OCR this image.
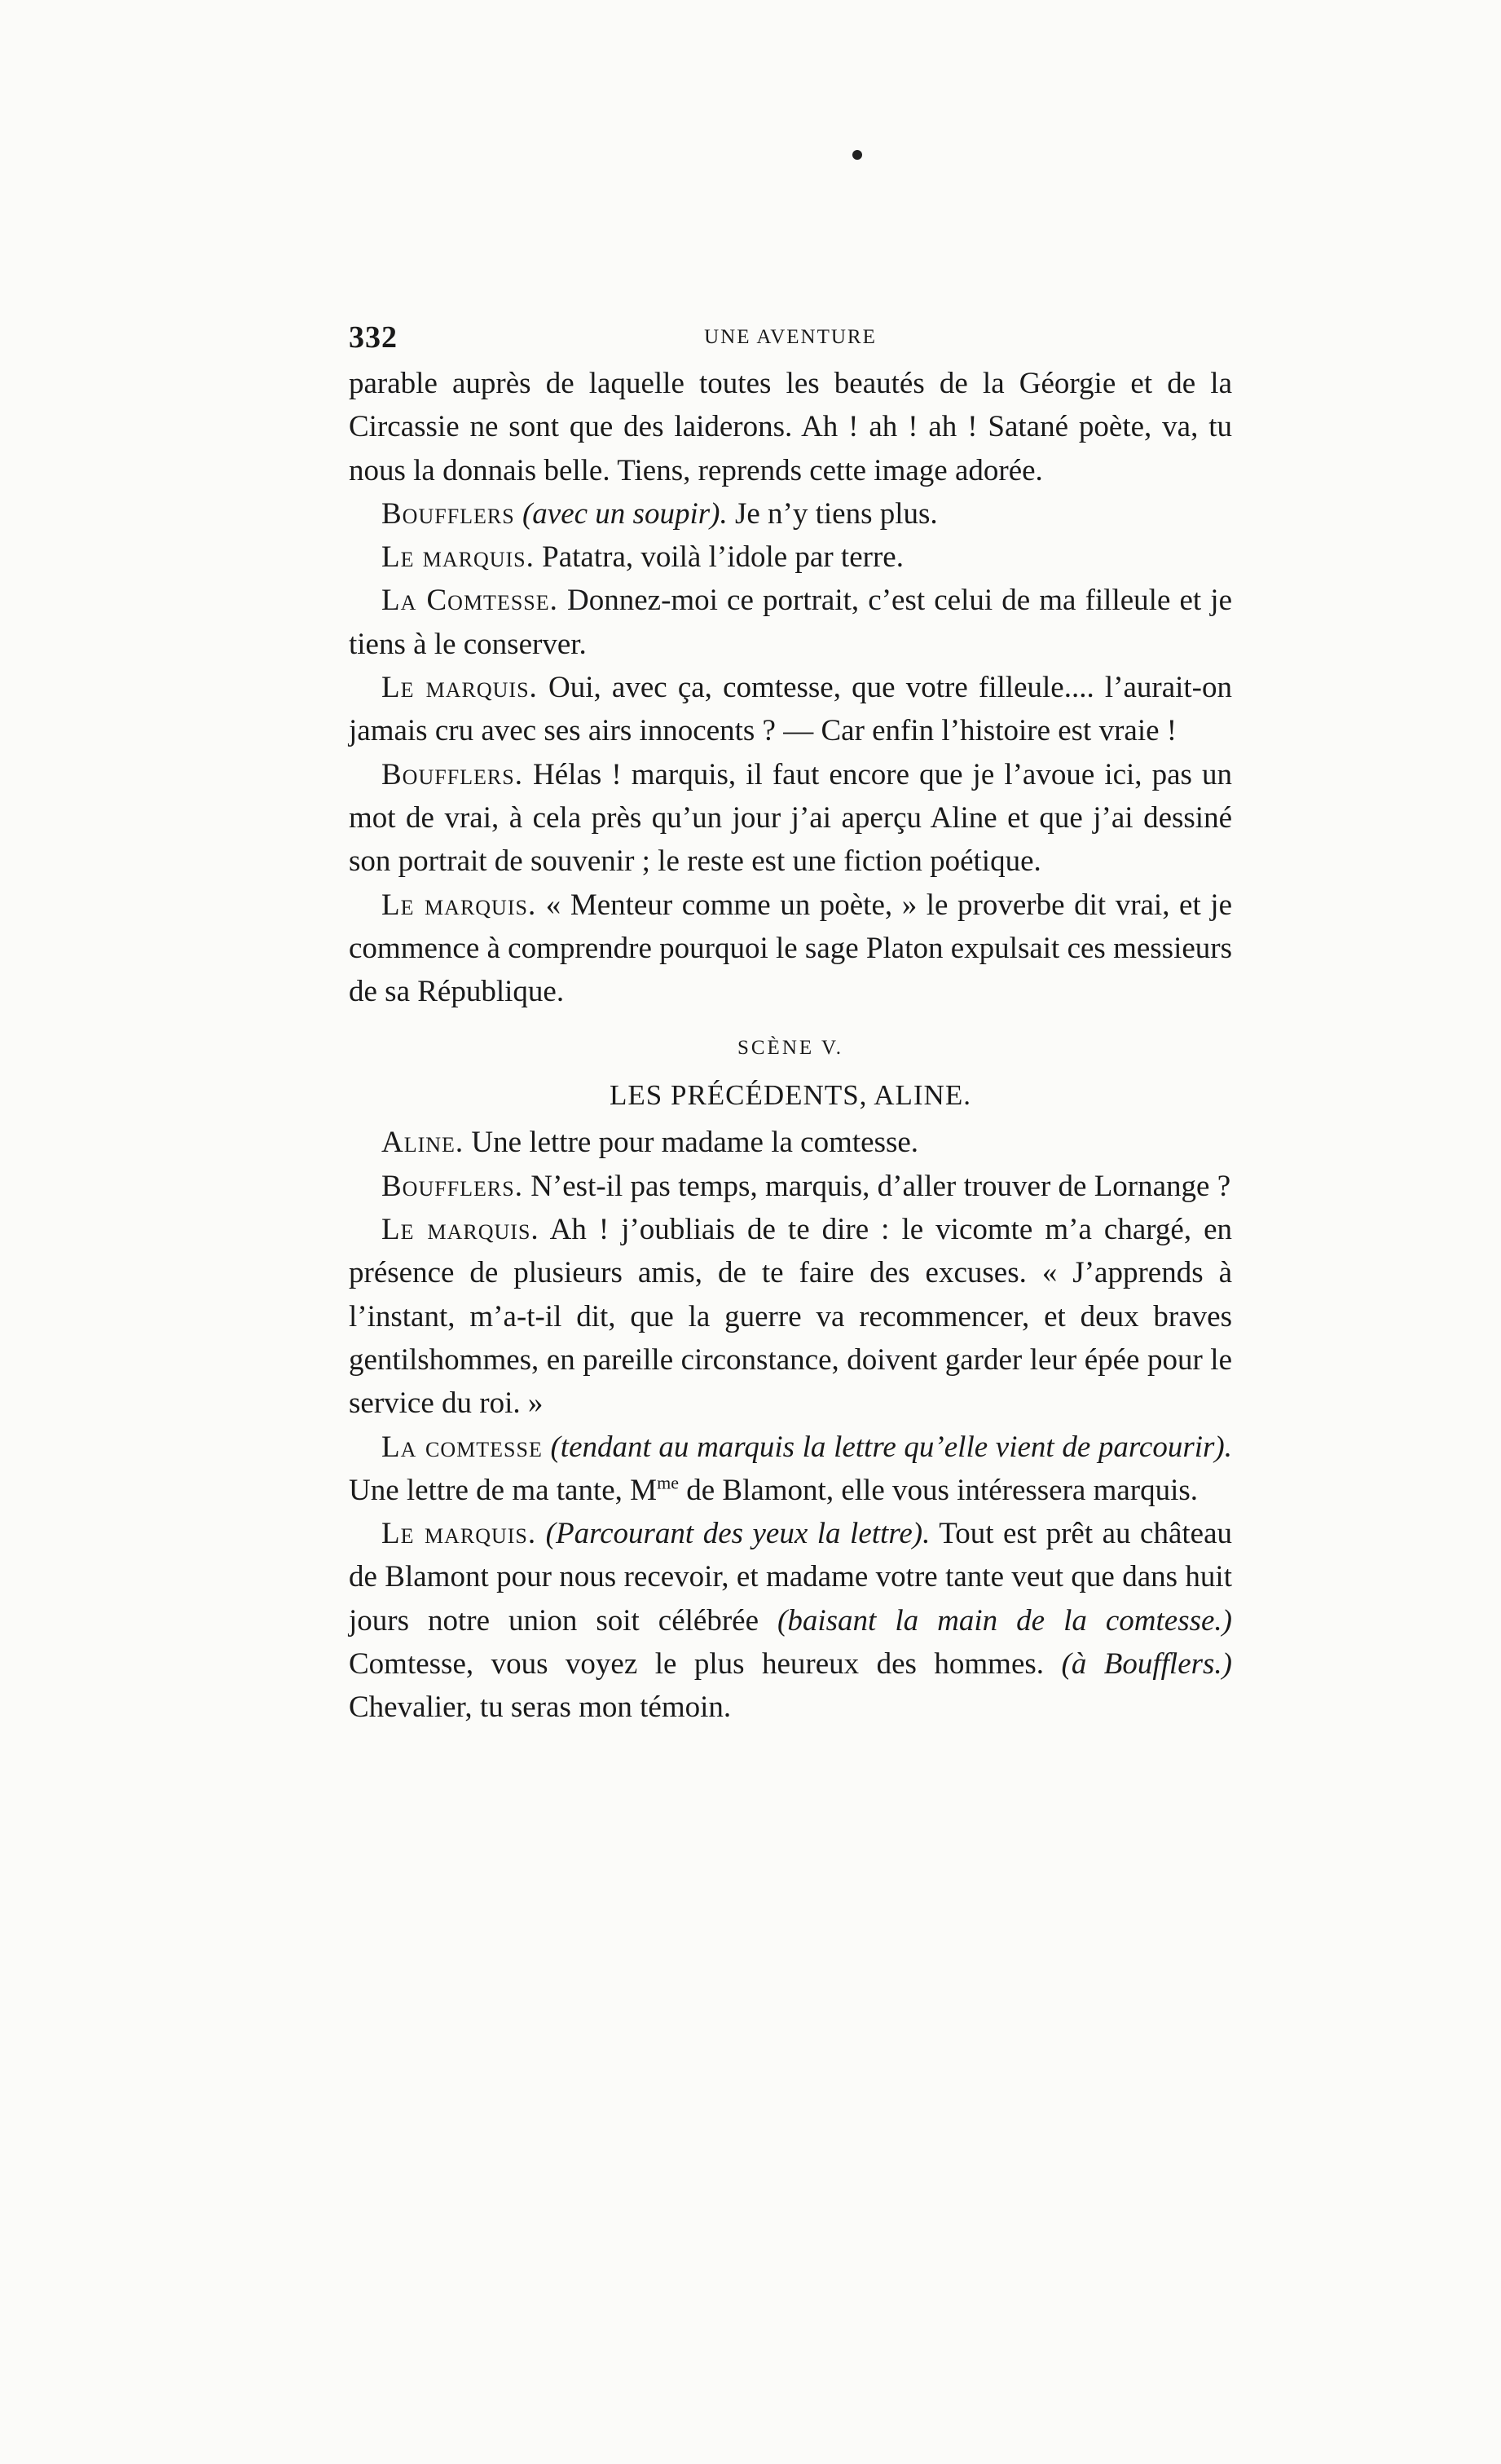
332	UNE AVENTURE

parable auprès de laquelle toutes les beautés de la Géorgie et de la Circassie ne sont que des laiderons. Ah ! ah ! ah ! Satané poète, va, tu nous la donnais belle. Tiens, reprends cette image adorée.

Boufflers (avec un soupir). Je n’y tiens plus.

Le marquis. Patatra, voilà l’idole par terre.

La Comtesse. Donnez-moi ce portrait, c’est celui de ma filleule et je tiens à le conserver.

Le marquis. Oui, avec ça, comtesse, que votre filleule.... l’aurait-on jamais cru avec ses airs innocents ? — Car enfin l’histoire est vraie !

Boufflers. Hélas ! marquis, il faut encore que je l’avoue ici, pas un mot de vrai, à cela près qu’un jour j’ai aperçu Aline et que j’ai dessiné son portrait de souvenir ; le reste est une fiction poétique.

Le marquis. « Menteur comme un poète, » le proverbe dit vrai, et je commence à comprendre pourquoi le sage Platon expulsait ces messieurs de sa République.

SCÈNE V.
LES PRÉCÉDENTS, ALINE.

Aline. Une lettre pour madame la comtesse.

Boufflers. N’est-il pas temps, marquis, d’aller trouver de Lornange ?

Le marquis. Ah ! j’oubliais de te dire : le vicomte m’a chargé, en présence de plusieurs amis, de te faire des excuses. « J’apprends à l’instant, m’a-t-il dit, que la guerre va recommencer, et deux braves gentilshommes, en pareille circonstance, doivent garder leur épée pour le service du roi. »

La comtesse (tendant au marquis la lettre qu’elle vient de parcourir). Une lettre de ma tante, $M^{me}$ de Blamont, elle vous intéressera marquis.

Le marquis. (Parcourant des yeux la lettre). Tout est prêt au château de Blamont pour nous recevoir, et madame votre tante veut que dans huit jours notre union soit célébrée (baisant la main de la comtesse.) Comtesse, vous voyez le plus heureux des hommes. (à Boufflers.) Chevalier, tu seras mon témoin.
